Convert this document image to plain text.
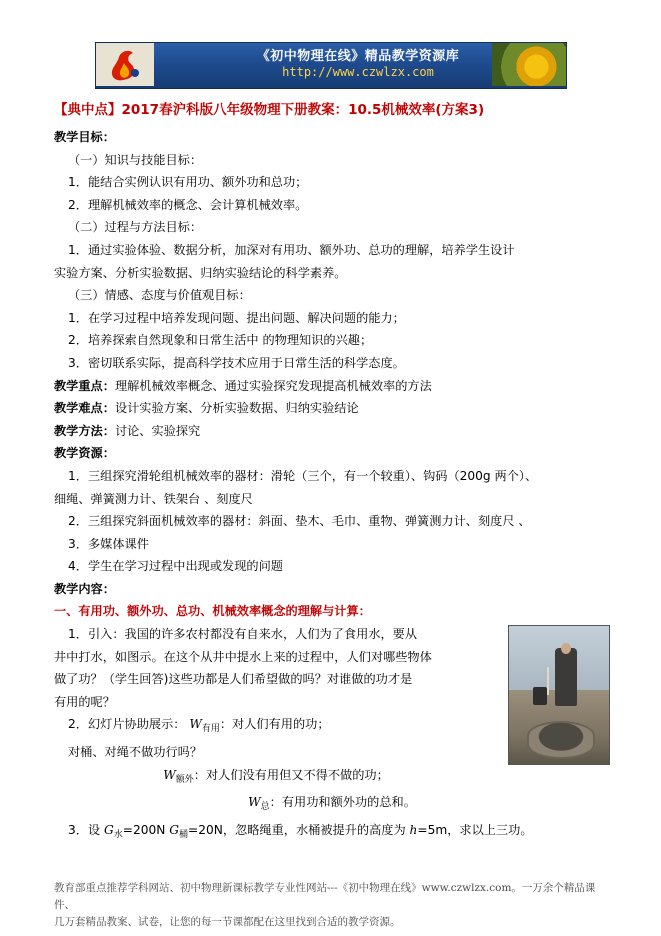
《初中物理在线》精品教学资源库
http://www.czwlzx.com
【典中点】2017春沪科版八年级物理下册教案：10.5机械效率(方案3)

教学目标：

（一）知识与技能目标：

1．能结合实例认识有用功、额外功和总功；

2．理解机械效率的概念、会计算机械效率。

（二）过程与方法目标：

1．通过实验体验、数据分析，加深对有用功、额外功、总功的理解，培养学生设计

实验方案、分析实验数据、归纳实验结论的科学素养。

（三）情感、态度与价值观目标：

1．在学习过程中培养发现问题、提出问题、解决问题的能力；

2．培养探索自然现象和日常生活中 的物理知识的兴趣；

3．密切联系实际，提高科学技术应用于日常生活的科学态度。

教学重点：理解机械效率概念、通过实验探究发现提高机械效率的方法

教学难点：设计实验方案、分析实验数据、归纳实验结论

教学方法：讨论、实验探究

教学资源：

1．三组探究滑轮组机械效率的器材：滑轮（三个，有一个较重）、钩码（200g 两个）、

细绳、弹簧测力计、铁架台 、刻度尺

2．三组探究斜面机械效率的器材：斜面、垫木、毛巾、重物、弹簧测力计、刻度尺 、

3．多媒体课件

4．学生在学习过程中出现或发现的问题

教学内容：

一、有用功、额外功、总功、机械效率概念的理解与计算：

1．引入：我国的许多农村都没有自来水，人们为了食用水，要从

井中打水，如图示。在这个从井中提水上来的过程中，人们对哪些物体

做了功？（学生回答)这些功都是人们希望做的吗？对谁做的功才是

有用的呢？

2．幻灯片协助展示： $W_{有用}$：对人们有用的功；

对桶、对绳不做功行吗？

$W_{额外}$：对人们没有用但又不得不做的功；

$W_总$：有用功和额外功的总和。

3．设 $G_水=200N$ $G_桶=20N$，忽略绳重，水桶被提升的高度为 h=5m，求以上三功。

教育部重点推荐学科网站、初中物理新课标教学专业性网站---《初中物理在线》www.czwlzx.com。一万余个精品课件、

几万套精品教案、试卷，让您的每一节课都配在这里找到合适的教学资源。
